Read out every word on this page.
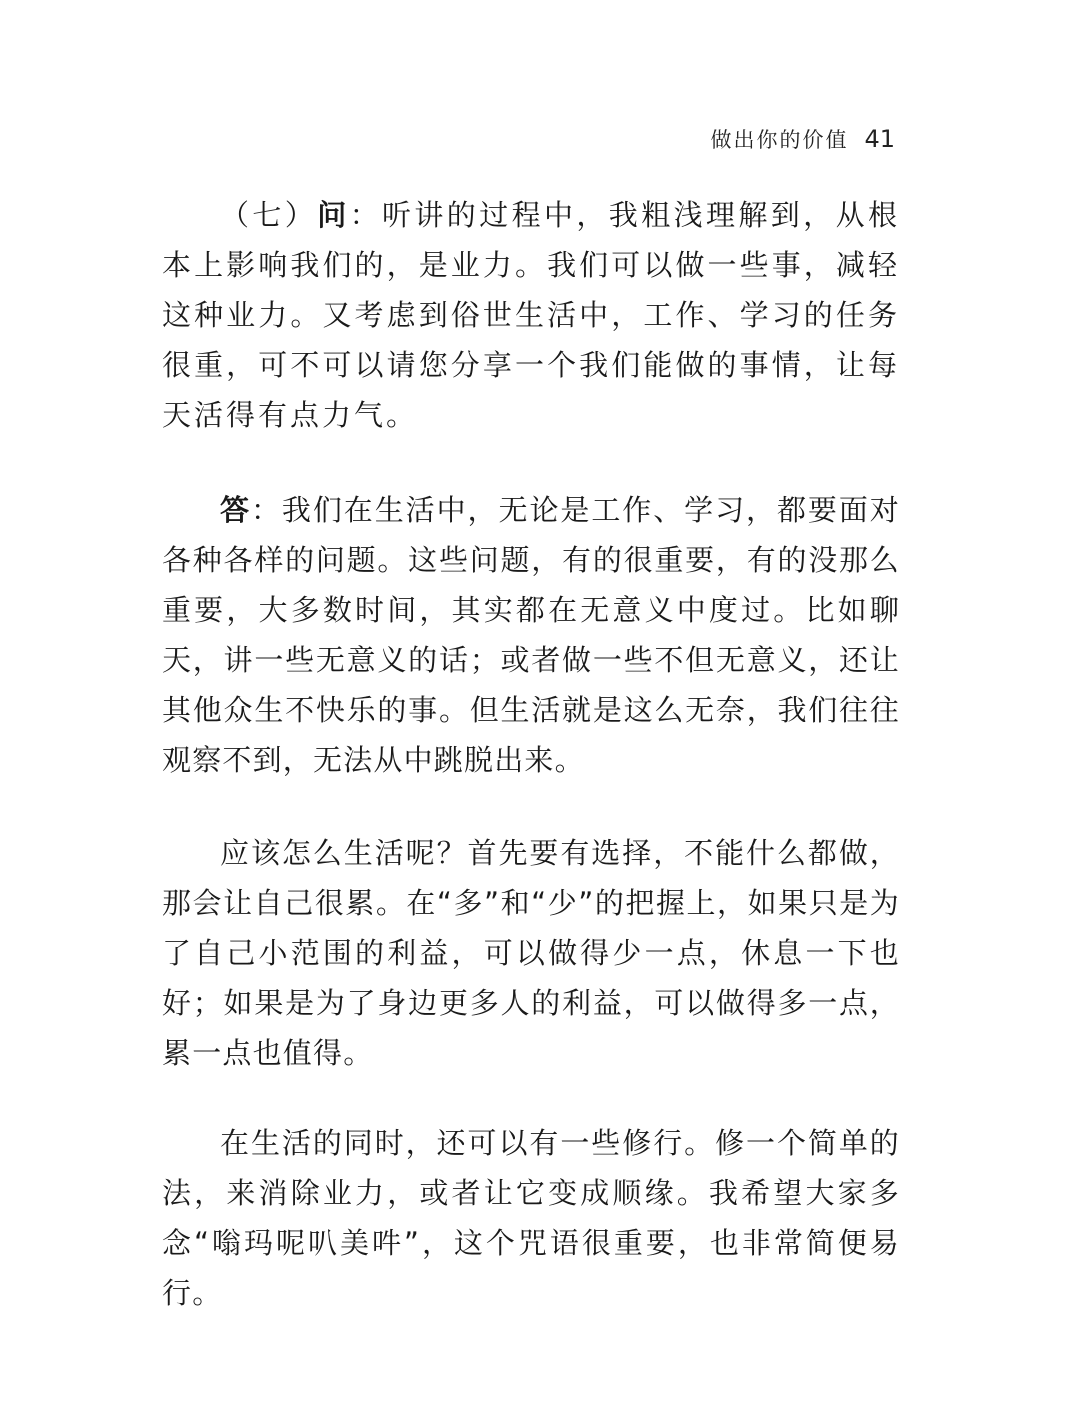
做出你的价值 41

（七）问：听讲的过程中，我粗浅理解到，从根本上影响我们的，是业力。我们可以做一些事，减轻这种业力。又考虑到俗世生活中，工作、学习的任务很重，可不可以请您分享一个我们能做的事情，让每天活得有点力气。

答：我们在生活中，无论是工作、学习，都要面对各种各样的问题。这些问题，有的很重要，有的没那么重要，大多数时间，其实都在无意义中度过。比如聊天，讲一些无意义的话；或者做一些不但无意义，还让其他众生不快乐的事。但生活就是这么无奈，我们往往观察不到，无法从中跳脱出来。

应该怎么生活呢？首先要有选择，不能什么都做，那会让自己很累。在“多”和“少”的把握上，如果只是为了自己小范围的利益，可以做得少一点，休息一下也好；如果是为了身边更多人的利益，可以做得多一点，累一点也值得。

在生活的同时，还可以有一些修行。修一个简单的法，来消除业力，或者让它变成顺缘。我希望大家多念“嗡玛呢叭美吽”，这个咒语很重要，也非常简便易行。
